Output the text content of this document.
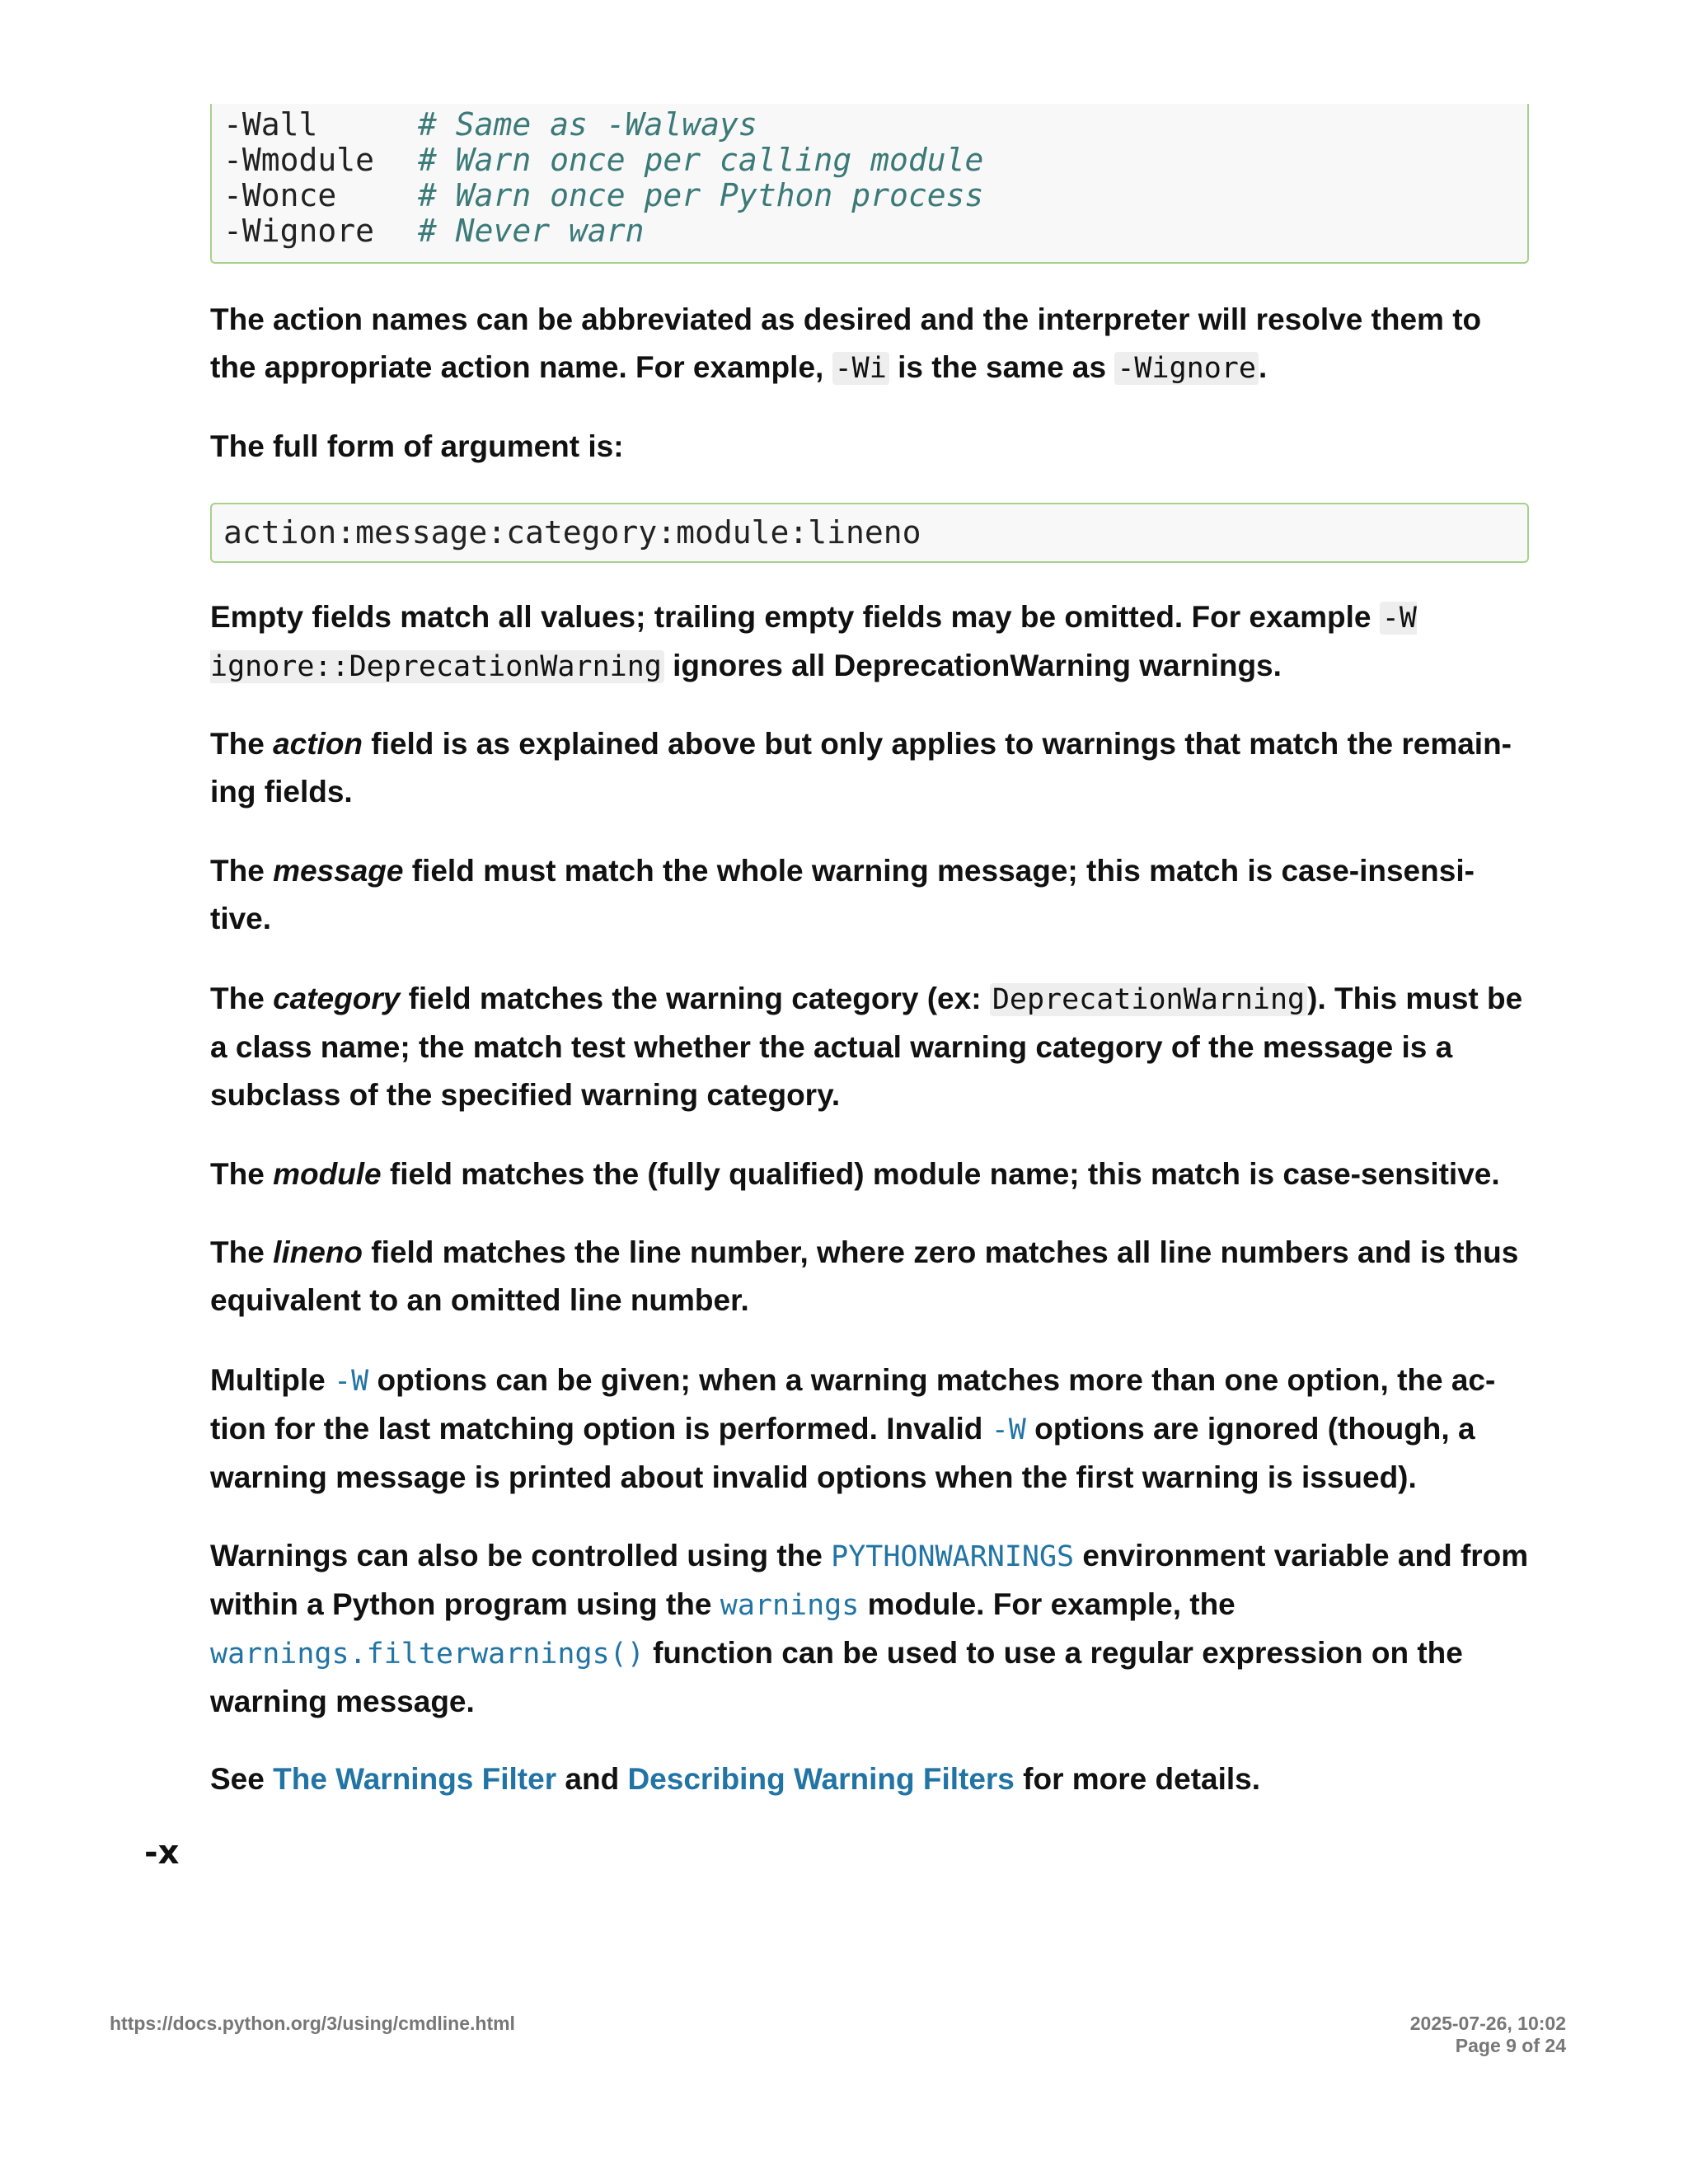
-Wall	# Same as -Walways
-Wmodule # Warn once per calling module
-Wonce	# Warn once per Python process
-Wignore # Never warn

The action names can be abbreviated as desired and the interpreter will resolve them to the appropriate action name. For example, -Wi is the same as -Wignore.

The full form of argument is:

action:message:category:module:lineno

Empty fields match all values; trailing empty fields may be omitted. For example -W ignore::DeprecationWarning ignores all DeprecationWarning warnings.

The action field is as explained above but only applies to warnings that match the remain-ing fields.

The message field must match the whole warning message; this match is case-insensi-tive.

The category field matches the warning category (ex: DeprecationWarning). This must be a class name; the match test whether the actual warning category of the message is a subclass of the specified warning category.

The module field matches the (fully qualified) module name; this match is case-sensitive.

The lineno field matches the line number, where zero matches all line numbers and is thus equivalent to an omitted line number.

Multiple -W options can be given; when a warning matches more than one option, the ac-tion for the last matching option is performed. Invalid -W options are ignored (though, a warning message is printed about invalid options when the first warning is issued).

Warnings can also be controlled using the PYTHONWARNINGS environment variable and from within a Python program using the warnings module. For example, the warnings.filterwarnings() function can be used to use a regular expression on the warning message.

See The Warnings Filter and Describing Warning Filters for more details.

-x
https://docs.python.org/3/using/cmdline.html	2025-07-26, 10:02
Page 9 of 24
